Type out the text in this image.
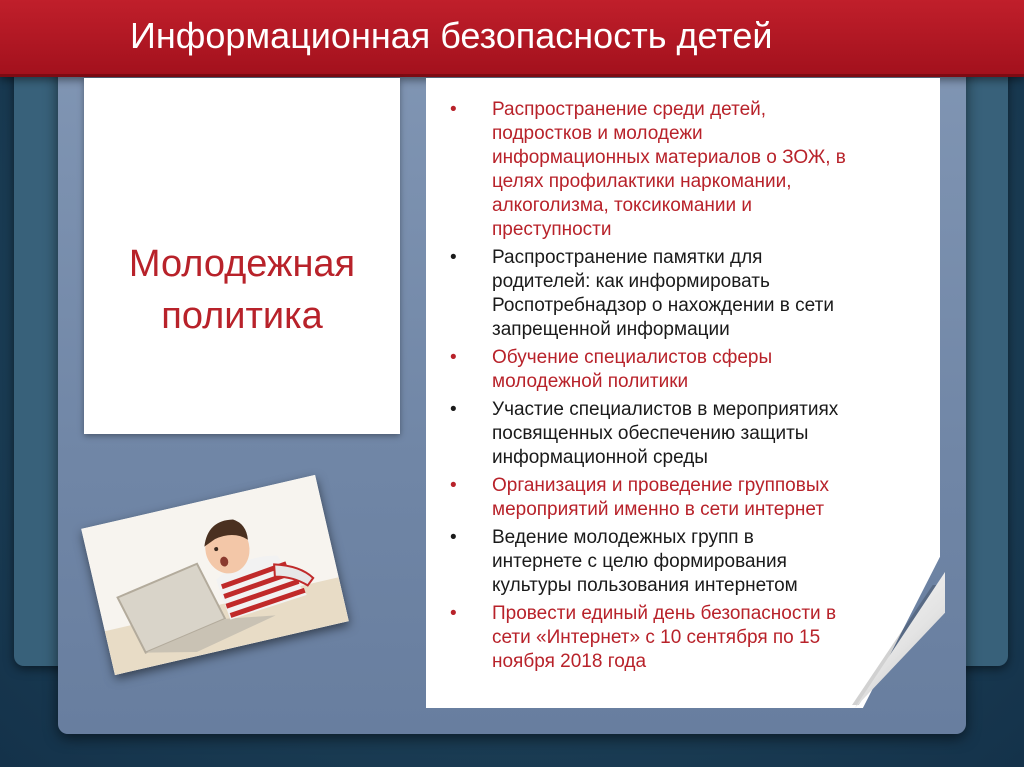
Информационная безопасность детей
Молодежная
политика
• Распространение среди детей,
подростков и молодежи
информационных материалов о ЗОЖ, в
целях профилактики наркомании,
алкоголизма, токсикомании и
преступности
• Распространение памятки для
родителей: как информировать
Роспотребнадзор о нахождении в сети
запрещенной информации
• Обучение специалистов сферы
молодежной политики
• Участие специалистов в мероприятиях
посвященных обеспечению защиты
информационной среды
• Организация и проведение групповых
мероприятий именно в сети интернет
• Ведение молодежных групп в
интернете с целю формирования
культуры пользования интернетом
• Провести единый день безопасности в
сети «Интернет» с 10 сентября по 15
ноября 2018 года
